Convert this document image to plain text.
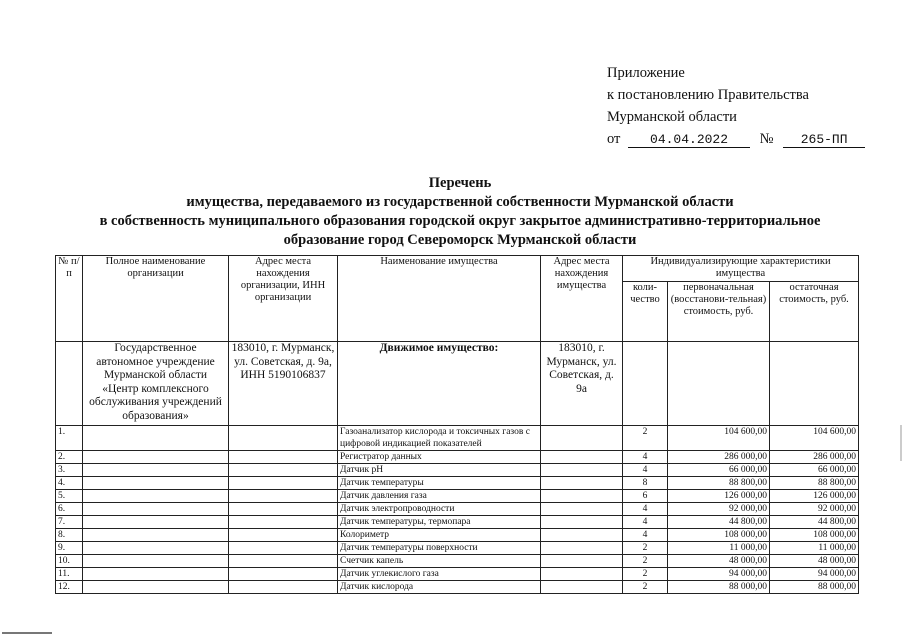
Приложение
к постановлению Правительства
Мурманской области
от 04.04.2022 № 265-ПП
Перечень
имущества, передаваемого из государственной собственности Мурманской области
в собственность муниципального образования городской округ закрытое административно-территориальное
образование город Североморск Мурманской области
№ п/п	Полное наименование организации	Адрес места нахождения организации, ИНН организации	Наименование имущества	Адрес места нахождения имущества	Индивидуализирующие характеристики имущества		
					коли-чество	первоначальная (восстанови-тельная) стоимость, руб.	остаточная стоимость, руб.
	Государственное автономное учреждение Мурманской области «Центр комплексного обслуживания учреждений образования»	183010, г. Мурманск, ул. Советская, д. 9а, ИНН 5190106837	Движимое имущество:	183010, г. Мурманск, ул. Советская, д. 9а			
1.			Газоанализатор кислорода и токсичных газов с цифровой индикацией показателей		2	104 600,00	104 600,00
2.			Регистратор данных		4	286 000,00	286 000,00
3.			Датчик pH		4	66 000,00	66 000,00
4.			Датчик температуры		8	88 800,00	88 800,00
5.			Датчик давления газа		6	126 000,00	126 000,00
6.			Датчик электропроводности		4	92 000,00	92 000,00
7.			Датчик температуры, термопара		4	44 800,00	44 800,00
8.			Колориметр		4	108 000,00	108 000,00
9.			Датчик температуры поверхности		2	11 000,00	11 000,00
10.			Счетчик капель		2	48 000,00	48 000,00
11.			Датчик углекислого газа		2	94 000,00	94 000,00
12.			Датчик кислорода		2	88 000,00	88 000,00
